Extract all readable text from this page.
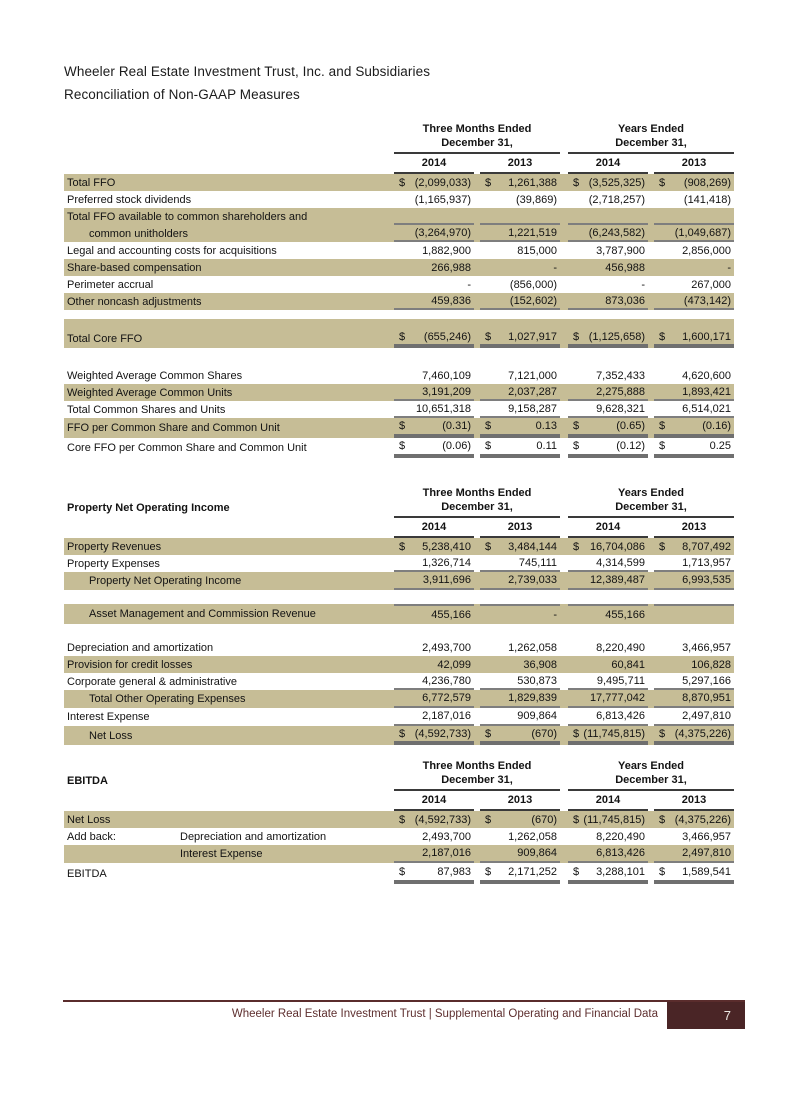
Wheeler Real Estate Investment Trust, Inc. and Subsidiaries
Reconciliation of Non-GAAP Measures
Three Months Ended
December 31,
Years Ended
December 31,
2014	2013	2014	2013
Total FFO	$ (2,099,033) $ 1,261,388 $ (3,525,325) $ (908,269)
Preferred stock dividends	(1,165,937)	(39,869)	(2,718,257)	(141,418)
Total FFO available to common shareholders and
common unitholders	(3,264,970)	1,221,519	(6,243,582)	(1,049,687)
Legal and accounting costs for acquisitions	1,882,900	815,000	3,787,900	2,856,000
Share-based compensation	266,988	-	456,988	-
Perimeter accrual	-	(856,000)	-	267,000
Other noncash adjustments	459,836	(152,602)	873,036	(473,142)
Total Core FFO	$ (655,246) $ 1,027,917 $ (1,125,658) $ 1,600,171
Weighted Average Common Shares	7,460,109	7,121,000	7,352,433	4,620,600
Weighted Average Common Units	3,191,209	2,037,287	2,275,888	1,893,421
Total Common Shares and Units	10,651,318	9,158,287	9,628,321	6,514,021
FFO per Common Share and Common Unit	$	(0.31) $	0.13 $	(0.65) $	(0.16)
Core FFO per Common Share and Common Unit	$	(0.06) $	0.11 $	(0.12) $	0.25
Property Net Operating Income
Three Months Ended
December 31,
Years Ended
December 31,
2014	2013	2014	2013
Property Revenues	$ 5,238,410 $ 3,484,144 $ 16,704,086 $ 8,707,492
Property Expenses	1,326,714	745,111	4,314,599	1,713,957
Property Net Operating Income	3,911,696	2,739,033	12,389,487	6,993,535
Asset Management and Commission Revenue	455,166	-	455,166
Depreciation and amortization	2,493,700	1,262,058	8,220,490	3,466,957
Provision for credit losses	42,099	36,908	60,841	106,828
Corporate general & administrative	4,236,780	530,873	9,495,711	5,297,166
Total Other Operating Expenses	6,772,579	1,829,839	17,777,042	8,870,951
Interest Expense	2,187,016	909,864	6,813,426	2,497,810
Net Loss	$ (4,592,733) $	(670) $ (11,745,815) $ (4,375,226)
EBITDA
Three Months Ended
December 31,
Years Ended
December 31,
2014	2013	2014	2013
Net Loss	$ (4,592,733) $	(670) $ (11,745,815) $ (4,375,226)
Add back:	Depreciation and amortization	2,493,700	1,262,058	8,220,490	3,466,957
Interest Expense	2,187,016	909,864	6,813,426	2,497,810
EBITDA	$	87,983 $ 2,171,252 $ 3,288,101 $ 1,589,541
Wheeler Real Estate Investment Trust | Supplemental Operating and Financial Data	7
